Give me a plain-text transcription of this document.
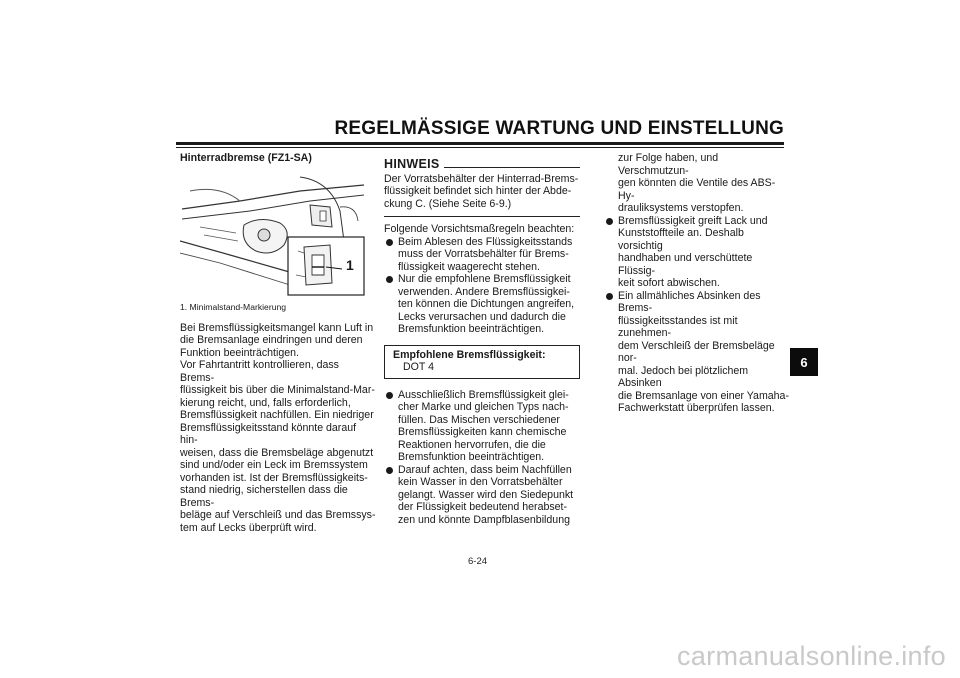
REGELMÄSSIGE WARTUNG UND EINSTELLUNG
Hinterradbremse (FZ1-SA)
1
1. Minimalstand-Markierung
Bei Bremsflüssigkeitsmangel kann Luft in
die Bremsanlage eindringen und deren
Funktion beeinträchtigen.
Vor Fahrtantritt kontrollieren, dass Brems-
flüssigkeit bis über die Minimalstand-Mar-
kierung reicht, und, falls erforderlich,
Bremsflüssigkeit nachfüllen. Ein niedriger
Bremsflüssigkeitsstand könnte darauf hin-
weisen, dass die Bremsbeläge abgenutzt
sind und/oder ein Leck im Bremssystem
vorhanden ist. Ist der Bremsflüssigkeits-
stand niedrig, sicherstellen dass die Brems-
beläge auf Verschleiß und das Bremssys-
tem auf Lecks überprüft wird.
HINWEIS
Der Vorratsbehälter der Hinterrad-Brems-
flüssigkeit befindet sich hinter der Abde-
ckung C. (Siehe Seite 6-9.)

Folgende Vorsichtsmaßregeln beachten:

Beim Ablesen des Flüssigkeitsstands
muss der Vorratsbehälter für Brems-
flüssigkeit waagerecht stehen.
Nur die empfohlene Bremsflüssigkeit
verwenden. Andere Bremsflüssigkei-
ten können die Dichtungen angreifen,
Lecks verursachen und dadurch die
Bremsfunktion beeinträchtigen.
Empfohlene Bremsflüssigkeit:
DOT 4
Ausschließlich Bremsflüssigkeit glei-
cher Marke und gleichen Typs nach-
füllen. Das Mischen verschiedener
Bremsflüssigkeiten kann chemische
Reaktionen hervorrufen, die die
Bremsfunktion beeinträchtigen.
Darauf achten, dass beim Nachfüllen
kein Wasser in den Vorratsbehälter
gelangt. Wasser wird den Siedepunkt
der Flüssigkeit bedeutend herabset-
zen und könnte Dampfblasenbildung
zur Folge haben, und Verschmutzun-
gen könnten die Ventile des ABS-Hy-
drauliksystems verstopfen.
Bremsflüssigkeit greift Lack und
Kunststoffteile an. Deshalb vorsichtig
handhaben und verschüttete Flüssig-
keit sofort abwischen.
Ein allmähliches Absinken des Brems-
flüssigkeitsstandes ist mit zunehmen-
dem Verschleiß der Bremsbeläge nor-
mal. Jedoch bei plötzlichem Absinken
die Bremsanlage von einer Yamaha-
Fachwerkstatt überprüfen lassen.
6-24
6
carmanualsonline.info
